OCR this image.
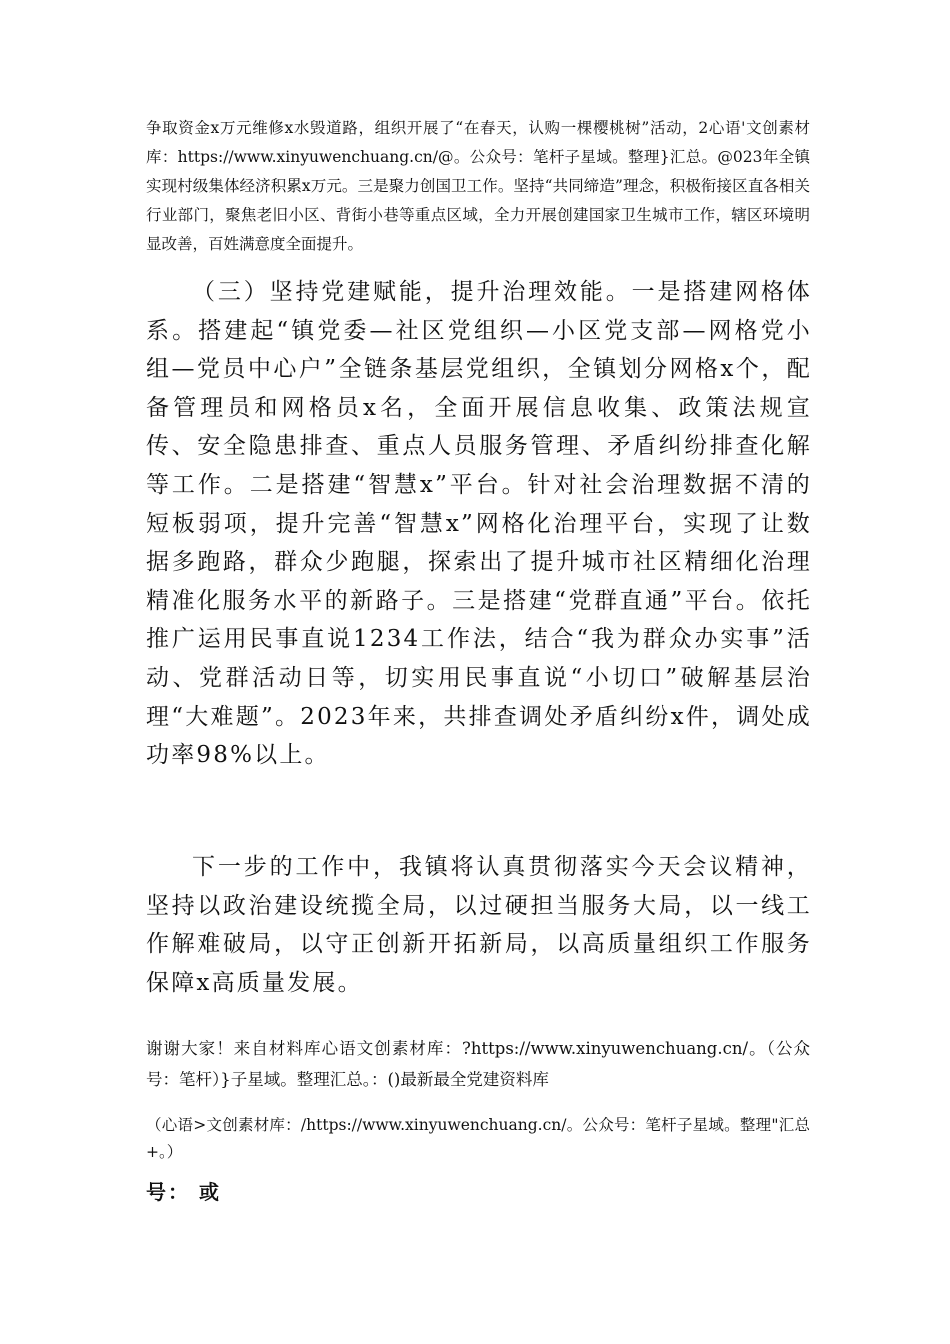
争取资金x万元维修x水毁道路，组织开展了“在春天，认购一棵樱桃树”活动，2心语'文创素材库：https://www.xinyuwenchuang.cn/@。公众号：笔杆子星域。整理}汇总。@023年全镇实现村级集体经济积累x万元。三是聚力创国卫工作。坚持“共同缔造”理念，积极衔接区直各相关行业部门，聚焦老旧小区、背街小巷等重点区域，全力开展创建国家卫生城市工作，辖区环境明显改善，百姓满意度全面提升。

（三）坚持党建赋能，提升治理效能。一是搭建网格体系。搭建起“镇党委—社区党组织—小区党支部—网格党小组—党员中心户”全链条基层党组织，全镇划分网格x个，配备管理员和网格员x名，全面开展信息收集、政策法规宣传、安全隐患排查、重点人员服务管理、矛盾纠纷排查化解等工作。二是搭建“智慧x”平台。针对社会治理数据不清的短板弱项，提升完善“智慧x”网格化治理平台，实现了让数据多跑路，群众少跑腿，探索出了提升城市社区精细化治理精准化服务水平的新路子。三是搭建“党群直通”平台。依托推广运用民事直说1234工作法，结合“我为群众办实事”活动、党群活动日等，切实用民事直说“小切口”破解基层治理“大难题”。2023年来，共排查调处矛盾纠纷x件，调处成功率98%以上。

下一步的工作中，我镇将认真贯彻落实今天会议精神，坚持以政治建设统揽全局，以过硬担当服务大局，以一线工作解难破局，以守正创新开拓新局，以高质量组织工作服务保障x高质量发展。

谢谢大家！来自材料库心语文创素材库：?https://www.xinyuwenchuang.cn/。（公众号：笔杆）}子星域。整理汇总。：()最新最全党建资料库

（心语>文创素材库：/https://www.xinyuwenchuang.cn/。公众号：笔杆子星域。整理"汇总+。）

号： 或
